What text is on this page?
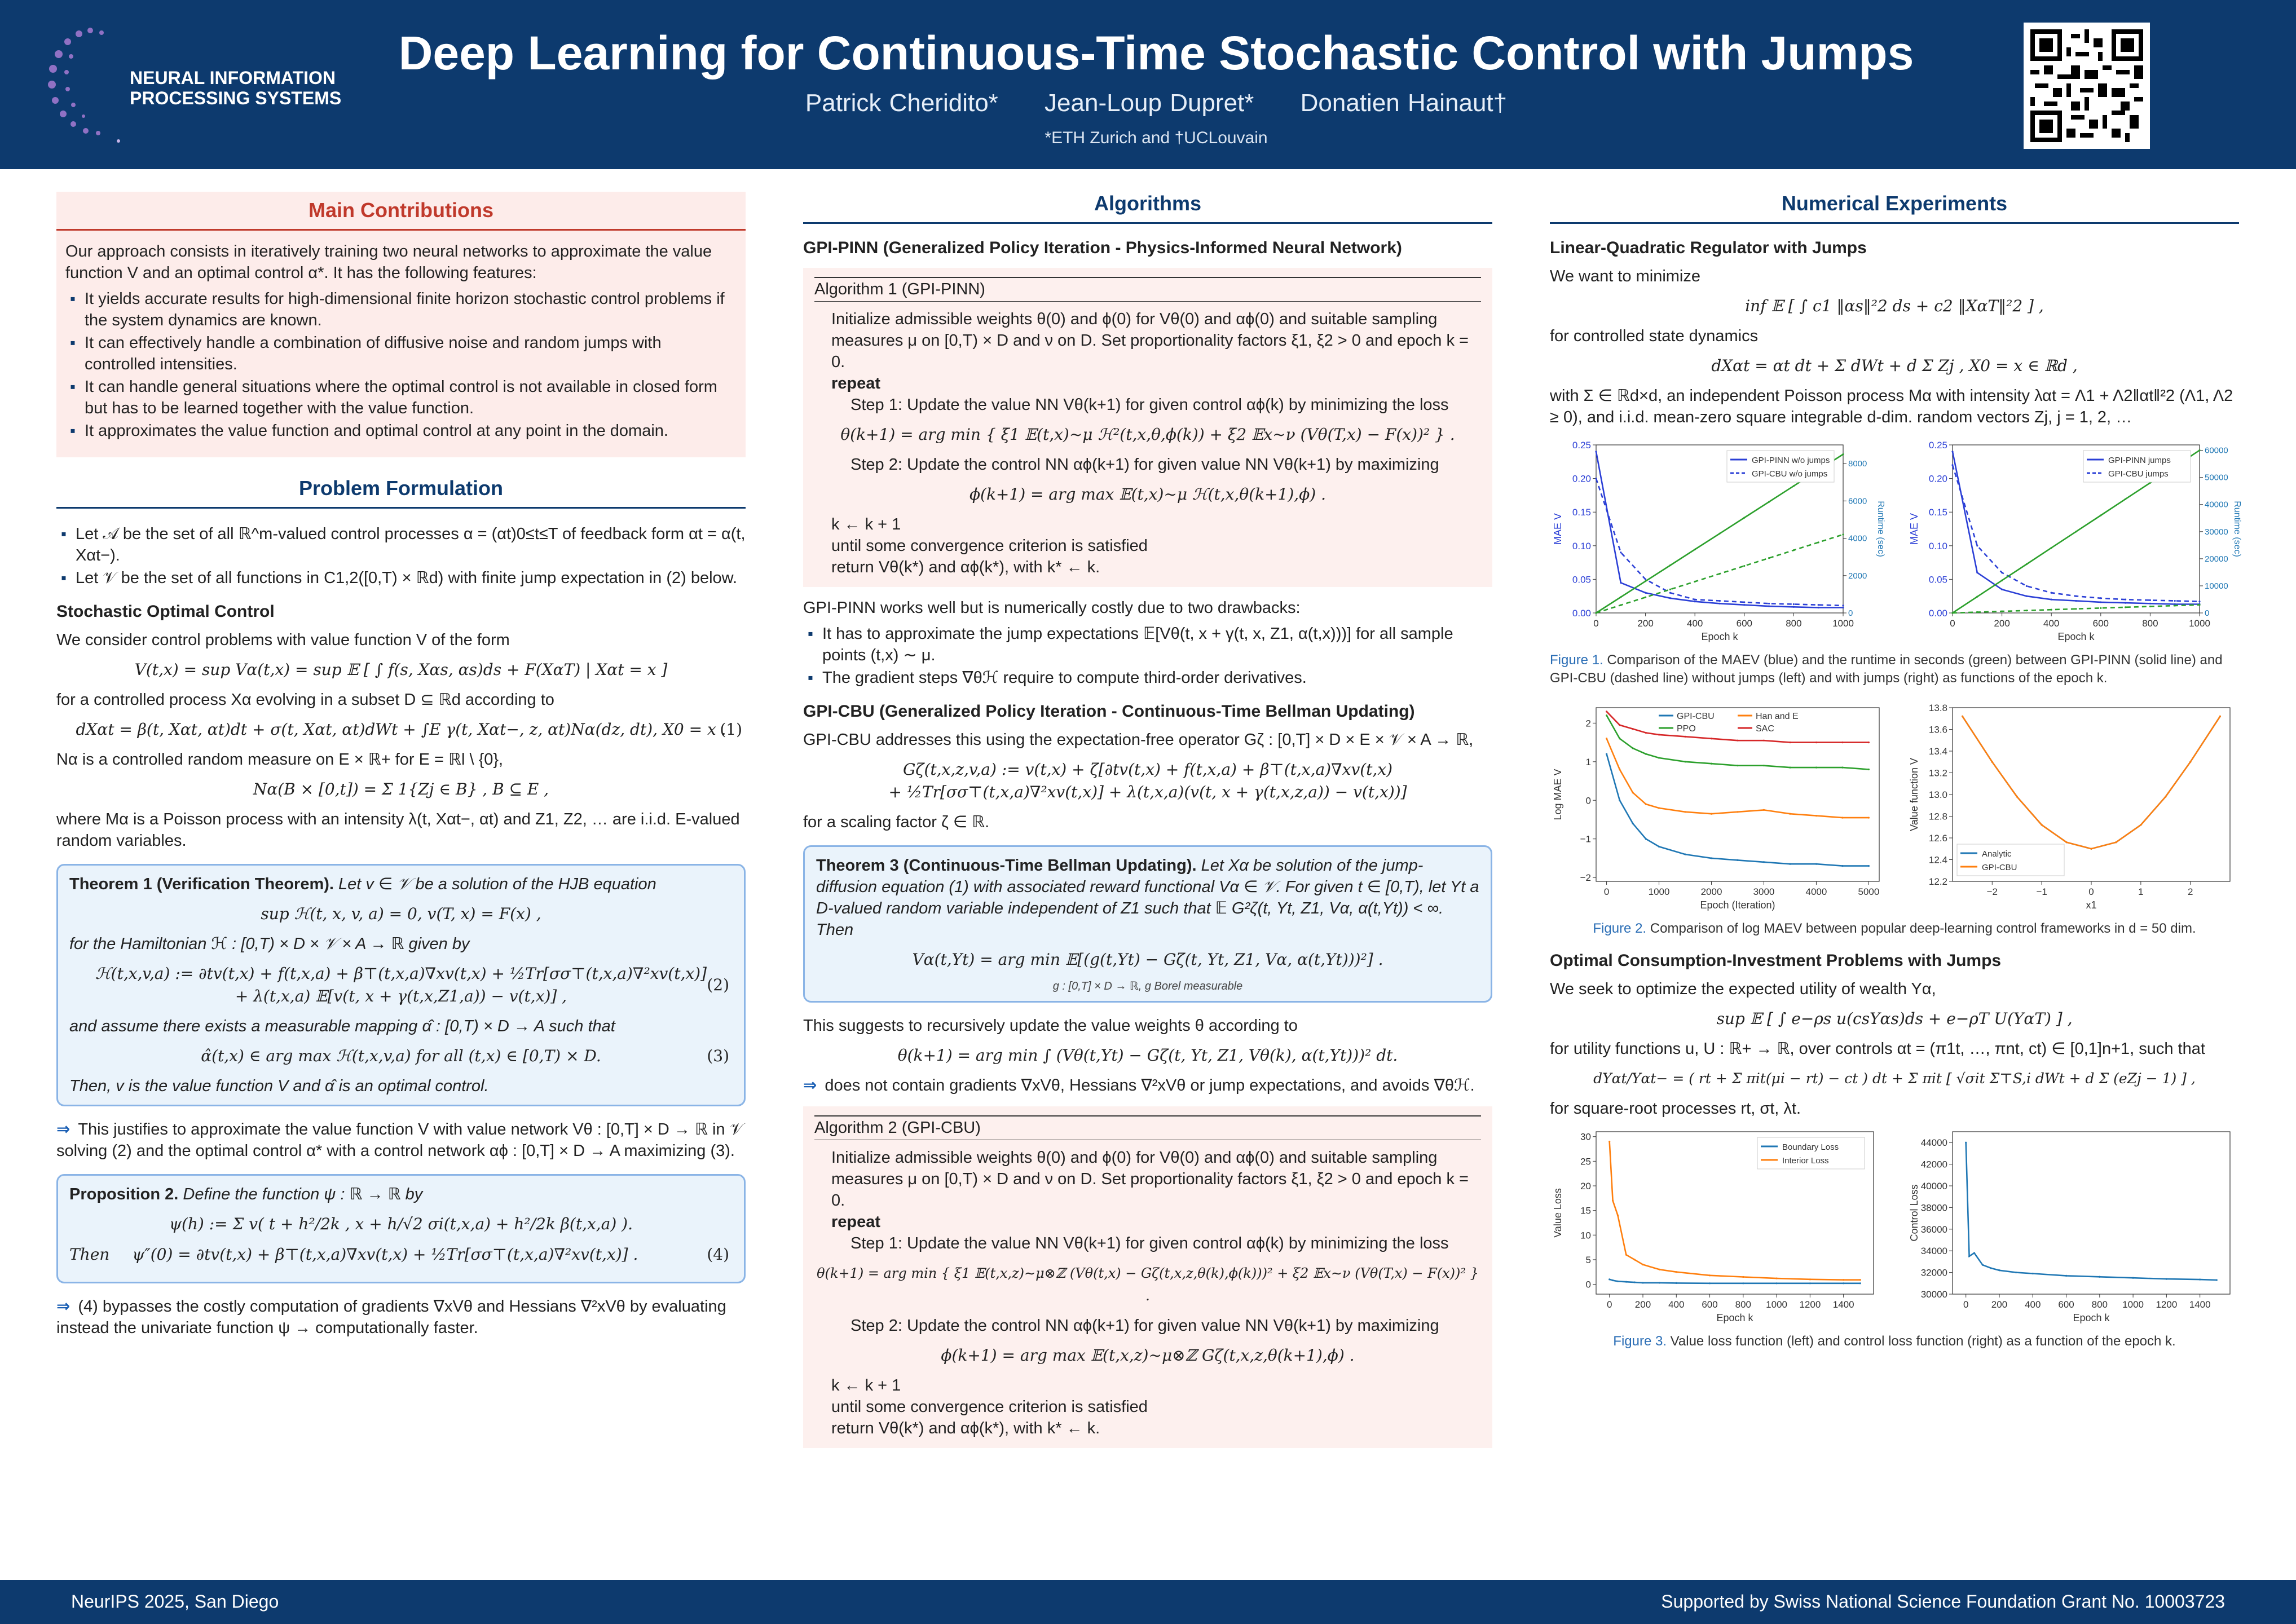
NEURAL INFORMATION
PROCESSING SYSTEMS
Deep Learning for Continuous-Time Stochastic Control with Jumps
Patrick Cheridito* Jean-Loup Dupret* Donatien Hainaut†
*ETH Zurich and †UCLouvain
Main Contributions

Our approach consists in iteratively training two neural networks to approximate the value function V and an optimal control α*. It has the following features:

▪ It yields accurate results for high-dimensional finite horizon stochastic control problems if the system dynamics are known.
▪ It can effectively handle a combination of diffusive noise and random jumps with controlled intensities.
▪ It can handle general situations where the optimal control is not available in closed form but has to be learned together with the value function.
▪ It approximates the value function and optimal control at any point in the domain.
Problem Formulation
▪ Let 𝒜 be the set of all ℝ^m-valued control processes α = (αt)0≤t≤T of feedback form αt = α(t, Xαt−).
▪ Let 𝒱 be the set of all functions in C1,2([0,T) × ℝd) with finite jump expectation in (2) below.
Stochastic Optimal Control

We consider control problems with value function V of the form

V(t,x) = sup Vα(t,x) = sup 𝔼 [ ∫ f(s, Xαs, αs)ds + F(XαT) | Xαt = x ]

for a controlled process Xα evolving in a subset D ⊆ ℝd according to

dXαt = β(t, Xαt, αt)dt + σ(t, Xαt, αt)dWt + ∫E γ(t, Xαt−, z, αt)Nα(dz, dt), X0 = x .
(1)

Nα is a controlled random measure on E × ℝ+ for E = ℝl \ {0},

Nα(B × [0,t]) = Σ 1{Zj ∈ B} , B ⊆ E ,

where Mα is a Poisson process with an intensity λ(t, Xαt−, αt) and Z1, Z2, … are i.i.d. E-valued random variables.

Theorem 1 (Verification Theorem). Let v ∈ 𝒱 be a solution of the HJB equation

sup ℋ(t, x, v, a) = 0, v(T, x) = F(x) ,

for the Hamiltonian ℋ : [0,T) × D × 𝒱 × A → ℝ given by

ℋ(t,x,v,a) := ∂tv(t,x) + f(t,x,a) + β⊤(t,x,a)∇xv(t,x) + ½Tr[σσ⊤(t,x,a)∇²xv(t,x)]
+ λ(t,x,a) 𝔼[v(t, x + γ(t,x,Z1,a)) − v(t,x)] ,
(2)

and assume there exists a measurable mapping α̂ : [0,T) × D → A such that

α̂(t,x) ∈ arg max ℋ(t,x,v,a) for all (t,x) ∈ [0,T) × D.	(3)

Then, v is the value function V and α̂ is an optimal control.

⇒ This justifies to approximate the value function V with value network Vθ : [0,T] × D → ℝ in 𝒱 solving (2) and the optimal control α* with a control network αϕ : [0,T] × D → A maximizing (3).

Proposition 2. Define the function ψ : ℝ → ℝ by

ψ(h) := Σ v( t + h²/2k , x + h/√2 σi(t,x,a) + h²/2k β(t,x,a) ).
Then ψ″(0) = ∂tv(t,x) + β⊤(t,x,a)∇xv(t,x) + ½Tr[σσ⊤(t,x,a)∇²xv(t,x)] .	(4)

⇒ (4) bypasses the costly computation of gradients ∇xVθ and Hessians ∇²xVθ by evaluating instead the univariate function ψ → computationally faster.

Algorithms
GPI-PINN (Generalized Policy Iteration - Physics-Informed Neural Network)
Algorithm 1 (GPI-PINN)
Initialize admissible weights θ(0) and ϕ(0) for Vθ(0) and αϕ(0) and suitable sampling measures μ on [0,T) × D and ν on D. Set proportionality factors ξ1, ξ2 > 0 and epoch k = 0.
repeat
Step 1: Update the value NN Vθ(k+1) for given control αϕ(k) by minimizing the loss
θ(k+1) = arg min { ξ1 𝔼(t,x)∼μ ℋ²(t,x,θ,ϕ(k)) + ξ2 𝔼x∼ν (Vθ(T,x) − F(x))² } .
Step 2: Update the control NN αϕ(k+1) for given value NN Vθ(k+1) by maximizing
ϕ(k+1) = arg max 𝔼(t,x)∼μ ℋ(t,x,θ(k+1),ϕ) .
k ← k + 1
until some convergence criterion is satisfied
return Vθ(k*) and αϕ(k*), with k* ← k.

GPI-PINN works well but is numerically costly due to two drawbacks:

▪ It has to approximate the jump expectations 𝔼[Vθ(t, x + γ(t, x, Z1, α(t,x)))] for all sample points (t,x) ∼ μ.
▪ The gradient steps ∇θℋ require to compute third-order derivatives.
GPI-CBU (Generalized Policy Iteration - Continuous-Time Bellman Updating)

GPI-CBU addresses this using the expectation-free operator Gζ : [0,T] × D × E × 𝒱 × A → ℝ,

Gζ(t,x,z,v,a) := v(t,x) + ζ[∂tv(t,x) + f(t,x,a) + β⊤(t,x,a)∇xv(t,x)
+ ½Tr[σσ⊤(t,x,a)∇²xv(t,x)] + λ(t,x,a)(v(t, x + γ(t,x,z,a)) − v(t,x))]

for a scaling factor ζ ∈ ℝ.

Theorem 3 (Continuous-Time Bellman Updating). Let Xα be solution of the jump-diffusion equation (1) with associated reward functional Vα ∈ 𝒱. For given t ∈ [0,T), let Yt a D-valued random variable independent of Z1 such that 𝔼 G²ζ(t, Yt, Z1, Vα, α(t,Yt)) < ∞. Then

Vα(t,Yt) = arg min 𝔼[(g(t,Yt) − Gζ(t, Yt, Z1, Vα, α(t,Yt)))²] .
g : [0,T] × D → ℝ, g Borel measurable

This suggests to recursively update the value weights θ according to

θ(k+1) = arg min ∫ (Vθ(t,Yt) − Gζ(t, Yt, Z1, Vθ(k), α(t,Yt)))² dt.

⇒ does not contain gradients ∇xVθ, Hessians ∇²xVθ or jump expectations, and avoids ∇θℋ.

Algorithm 2 (GPI-CBU)
Initialize admissible weights θ(0) and ϕ(0) for Vθ(0) and αϕ(0) and suitable sampling measures μ on [0,T) × D and ν on D. Set proportionality factors ξ1, ξ2 > 0 and epoch k = 0.
repeat
Step 1: Update the value NN Vθ(k+1) for given control αϕ(k) by minimizing the loss
θ(k+1) = arg min { ξ1 𝔼(t,x,z)∼μ⊗ℤ (Vθ(t,x) − Gζ(t,x,z,θ(k),ϕ(k)))² + ξ2 𝔼x∼ν (Vθ(T,x) − F(x))² } .
Step 2: Update the control NN αϕ(k+1) for given value NN Vθ(k+1) by maximizing
ϕ(k+1) = arg max 𝔼(t,x,z)∼μ⊗ℤ Gζ(t,x,z,θ(k+1),ϕ) .
k ← k + 1
until some convergence criterion is satisfied
return Vθ(k*) and αϕ(k*), with k* ← k.
Numerical Experiments
Linear-Quadratic Regulator with Jumps

We want to minimize

inf 𝔼 [ ∫ c1 ‖αs‖²2 ds + c2 ‖XαT‖²2 ] ,

for controlled state dynamics

dXαt = αt dt + Σ dWt + d Σ Zj , X0 = x ∈ ℝd ,

with Σ ∈ ℝd×d, an independent Poisson process Mα with intensity λαt = Λ1 + Λ2‖αt‖²2 (Λ1, Λ2 ≥ 0), and i.i.d. mean-zero square integrable d-dim. random vectors Zj, j = 1, 2, …

0	200	400	600	800	1000
0.00
0.05
0.10
0.15
0.20
0.25
0
2000
4000
6000
8000
Runtime (sec)
Epoch k
MAE V
GPI-PINN w/o jumps
GPI-CBU w/o jumps
0	200	400	600	800	1000
0.00
0.05
0.10
0.15
0.20
0.25
0
10000
20000
30000
40000
50000
60000
Runtime (sec)
Epoch k
MAE V
GPI-PINN jumps
GPI-CBU jumps

Figure 1. Comparison of the MAEV (blue) and the runtime in seconds (green) between GPI-PINN (solid line) and GPI-CBU (dashed line) without jumps (left) and with jumps (right) as functions of the epoch k.

0	1000	2000	3000	4000	5000
−2
−1
0
1
2
Epoch (Iteration)
Log MAE V
GPI-CBU	Han and E
PPO	SAC
−2	−1	0	1	2
12.2
12.4
12.6
12.8
13.0
13.2
13.4
13.6
13.8
x1
Value function V
Analytic
GPI-CBU

Figure 2. Comparison of log MAEV between popular deep-learning control frameworks in d = 50 dim.

Optimal Consumption-Investment Problems with Jumps

We seek to optimize the expected utility of wealth Yα,

sup 𝔼 [ ∫ e−ρs u(csYαs)ds + e−ρT U(YαT) ] ,

for utility functions u, U : ℝ+ → ℝ, over controls αt = (π1t, …, πnt, ct) ∈ [0,1]n+1, such that

dYαt/Yαt− = ( rt + Σ πit(μi − rt) − ct ) dt + Σ πit [ √σit Σ⊤S,i dWt + d Σ (eZj − 1) ] ,

for square-root processes rt, σt, λt.

0 200 400 600 800 1000 1200 1400
0
5
10
15
20
25
30
Epoch k
Value Loss
Boundary Loss
Interior Loss
0 200 400 600 800 1000 1200 1400
30000
32000
34000
36000
38000
40000
42000
44000
Epoch k
Control Loss

Figure 3. Value loss function (left) and control loss function (right) as a function of the epoch k.

NeurIPS 2025, San Diego	Supported by Swiss National Science Foundation Grant No. 10003723
